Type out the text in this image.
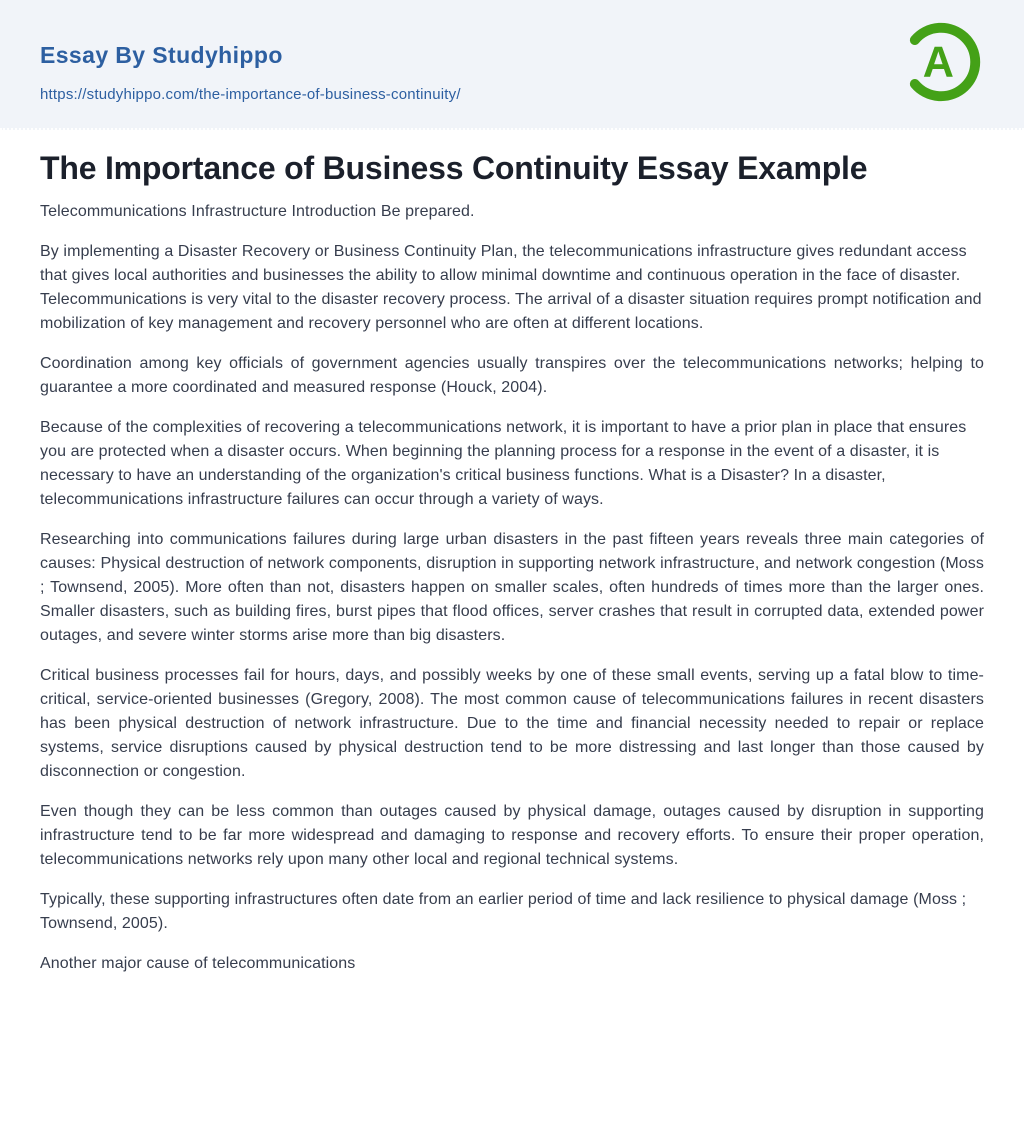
Essay By Studyhippo
https://studyhippo.com/the-importance-of-business-continuity/
A
The Importance of Business Continuity Essay Example

Telecommunications Infrastructure Introduction Be prepared.

By implementing a Disaster Recovery or Business Continuity Plan, the telecommunications infrastructure gives redundant access that gives local authorities and businesses the ability to allow minimal downtime and continuous operation in the face of disaster. Telecommunications is very vital to the disaster recovery process. The arrival of a disaster situation requires prompt notification and mobilization of key management and recovery personnel who are often at different locations.

Coordination among key officials of government agencies usually transpires over the telecommunications networks; helping to guarantee a more coordinated and measured response (Houck, 2004).

Because of the complexities of recovering a telecommunications network, it is important to have a prior plan in place that ensures you are protected when a disaster occurs. When beginning the planning process for a response in the event of a disaster, it is necessary to have an understanding of the organization's critical business functions. What is a Disaster? In a disaster, telecommunications infrastructure failures can occur through a variety of ways.

Researching into communications failures during large urban disasters in the past fifteen years reveals three main categories of causes: Physical destruction of network components, disruption in supporting network infrastructure, and network congestion (Moss ; Townsend, 2005). More often than not, disasters happen on smaller scales, often hundreds of times more than the larger ones. Smaller disasters, such as building fires, burst pipes that flood offices, server crashes that result in corrupted data, extended power outages, and severe winter storms arise more than big disasters.

Critical business processes fail for hours, days, and possibly weeks by one of these small events, serving up a fatal blow to time-critical, service-oriented businesses (Gregory, 2008). The most common cause of telecommunications failures in recent disasters has been physical destruction of network infrastructure. Due to the time and financial necessity needed to repair or replace systems, service disruptions caused by physical destruction tend to be more distressing and last longer than those caused by disconnection or congestion.

Even though they can be less common than outages caused by physical damage, outages caused by disruption in supporting infrastructure tend to be far more widespread and damaging to response and recovery efforts. To ensure their proper operation, telecommunications networks rely upon many other local and regional technical systems.

Typically, these supporting infrastructures often date from an earlier period of time and lack resilience to physical damage (Moss ; Townsend, 2005).

Another major cause of telecommunications
